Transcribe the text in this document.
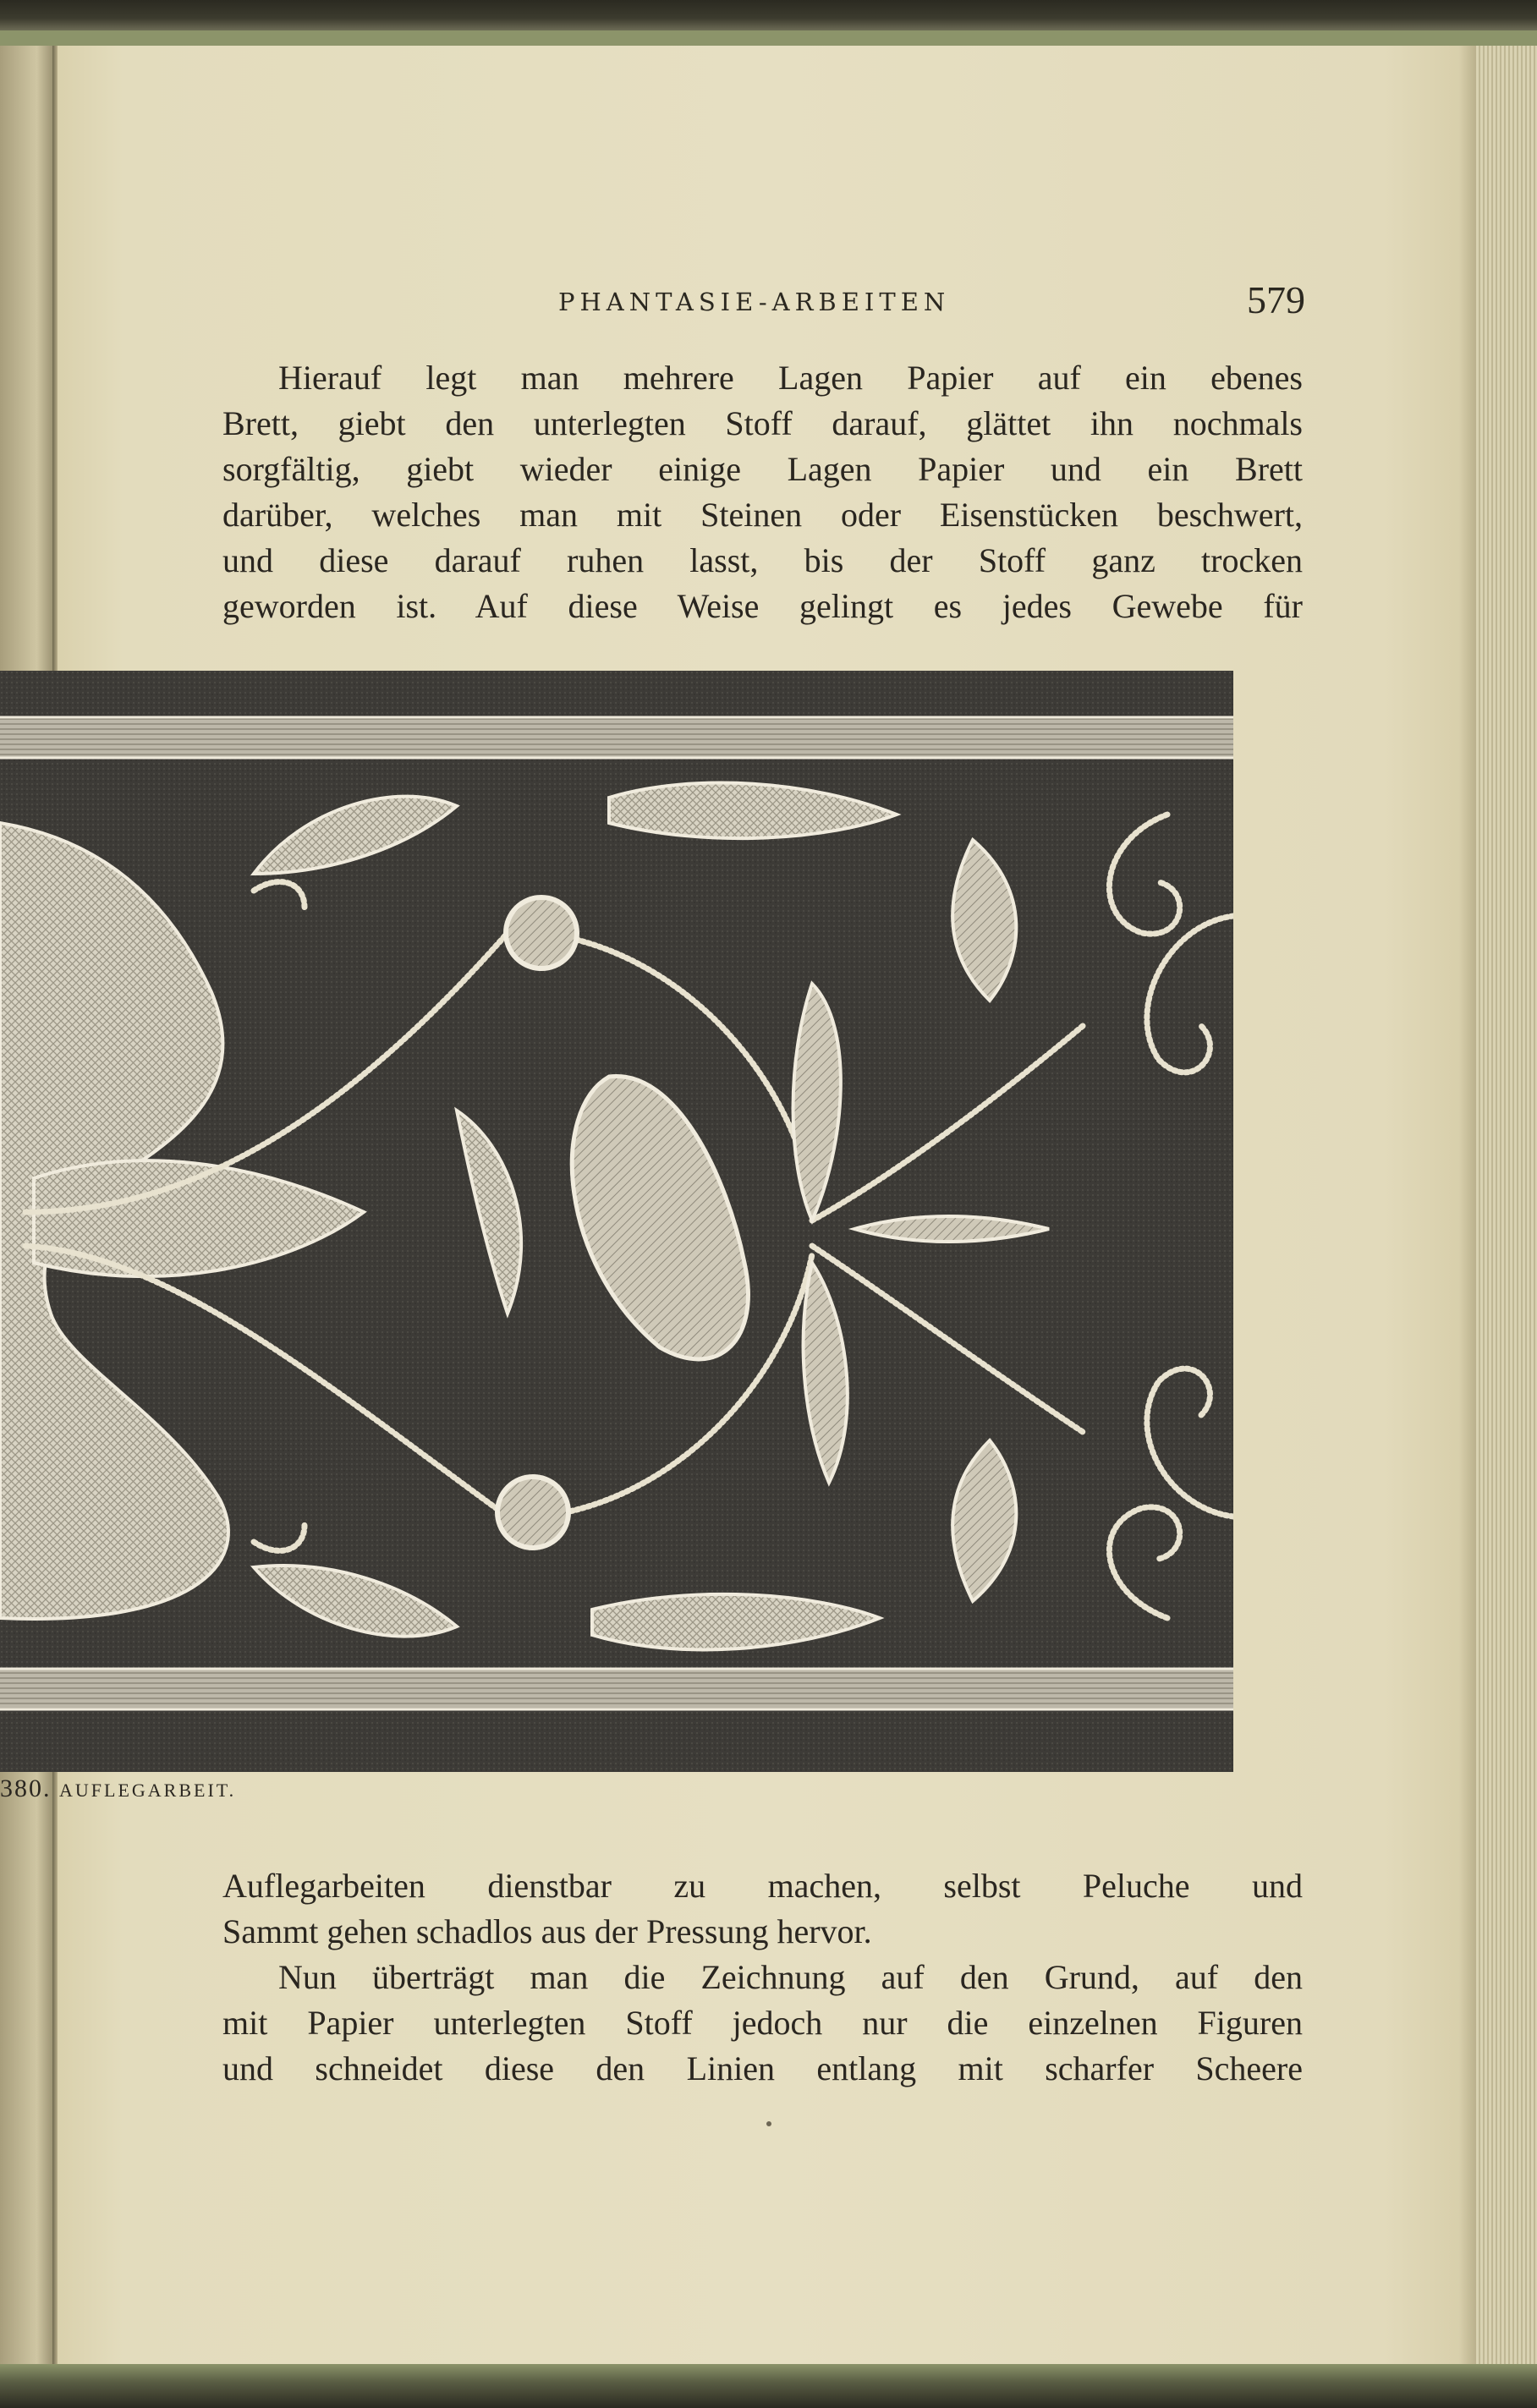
PHANTASIE-ARBEITEN	579
Hierauf legt man mehrere Lagen Papier auf ein ebenes
Brett, giebt den unterlegten Stoff darauf, glättet ihn nochmals
sorgfältig, giebt wieder einige Lagen Papier und ein Brett
darüber, welches man mit Steinen oder Eisenstücken beschwert,
und diese darauf ruhen lasst, bis der Stoff ganz trocken
geworden ist. Auf diese Weise gelingt es jedes Gewebe für
380. AUFLEGARBEIT.
Auflegarbeiten dienstbar zu machen, selbst Peluche und
Sammt gehen schadlos aus der Pressung hervor.
Nun überträgt man die Zeichnung auf den Grund, auf den
mit Papier unterlegten Stoff jedoch nur die einzelnen Figuren
und schneidet diese den Linien entlang mit scharfer Scheere
